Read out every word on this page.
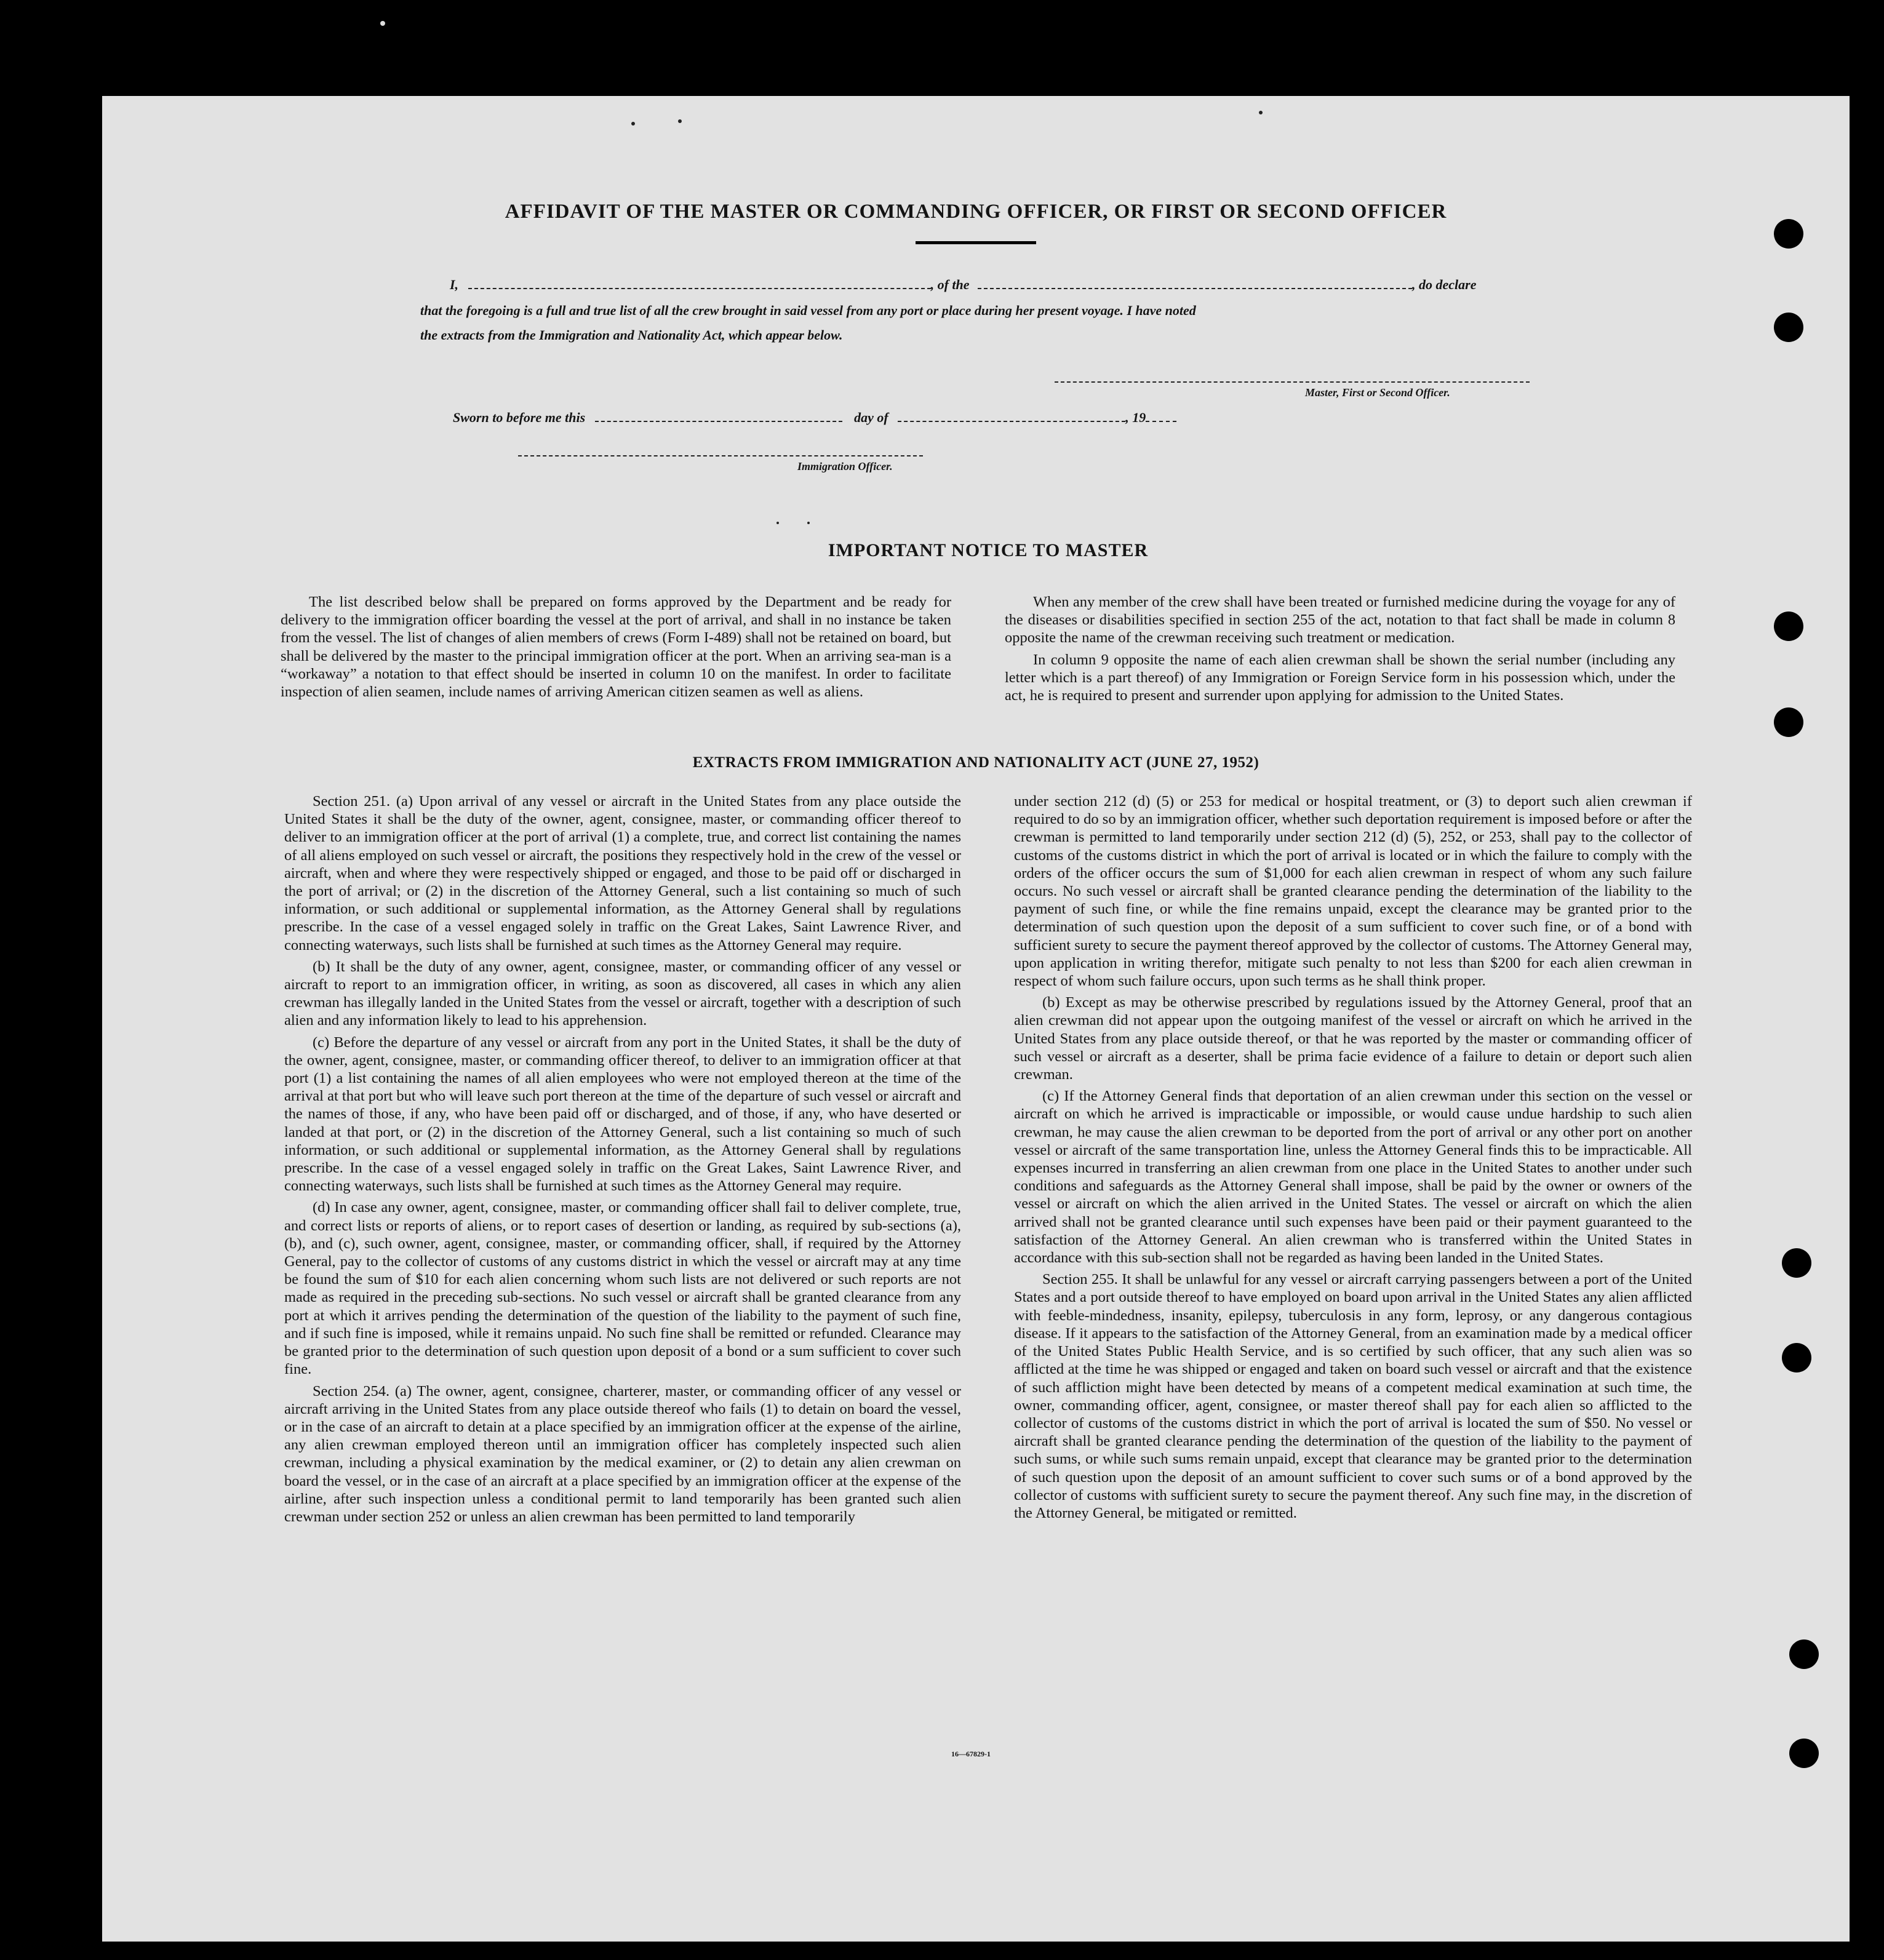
AFFIDAVIT OF THE MASTER OR COMMANDING OFFICER, OR FIRST OR SECOND OFFICER
I,	, of the	, do declare
that the foregoing is a full and true list of all the crew brought in said vessel from any port or place during her present voyage. I have noted
the extracts from the Immigration and Nationality Act, which appear below.
Master, First or Second Officer.
Sworn to before me this	day of	, 19
Immigration Officer.
IMPORTANT NOTICE TO MASTER

The list described below shall be prepared on forms approved by the Department and be ready for delivery to the immigration officer boarding the vessel at the port of arrival, and shall in no instance be taken from the vessel. The list of changes of alien members of crews (Form I-489) shall not be retained on board, but shall be delivered by the master to the principal immigration officer at the port. When an arriving sea-man is a “workaway” a notation to that effect should be inserted in column 10 on the manifest. In order to facilitate inspection of alien seamen, include names of arriving American citizen seamen as well as aliens.

When any member of the crew shall have been treated or furnished medicine during the voyage for any of the diseases or disabilities specified in section 255 of the act, notation to that fact shall be made in column 8 opposite the name of the crewman receiving such treatment or medication.

In column 9 opposite the name of each alien crewman shall be shown the serial number (including any letter which is a part thereof) of any Immigration or Foreign Service form in his possession which, under the act, he is required to present and surrender upon applying for admission to the United States.

EXTRACTS FROM IMMIGRATION AND NATIONALITY ACT (JUNE 27, 1952)

Section 251. (a) Upon arrival of any vessel or aircraft in the United States from any place outside the United States it shall be the duty of the owner, agent, consignee, master, or commanding officer thereof to deliver to an immigration officer at the port of arrival (1) a complete, true, and correct list containing the names of all aliens employed on such vessel or aircraft, the positions they respectively hold in the crew of the vessel or aircraft, when and where they were respectively shipped or engaged, and those to be paid off or discharged in the port of arrival; or (2) in the discretion of the Attorney General, such a list containing so much of such information, or such additional or supplemental information, as the Attorney General shall by regulations prescribe. In the case of a vessel engaged solely in traffic on the Great Lakes, Saint Lawrence River, and connecting waterways, such lists shall be furnished at such times as the Attorney General may require.

(b) It shall be the duty of any owner, agent, consignee, master, or commanding officer of any vessel or aircraft to report to an immigration officer, in writing, as soon as discovered, all cases in which any alien crewman has illegally landed in the United States from the vessel or aircraft, together with a description of such alien and any information likely to lead to his apprehension.

(c) Before the departure of any vessel or aircraft from any port in the United States, it shall be the duty of the owner, agent, consignee, master, or commanding officer thereof, to deliver to an immigration officer at that port (1) a list containing the names of all alien employees who were not employed thereon at the time of the arrival at that port but who will leave such port thereon at the time of the departure of such vessel or aircraft and the names of those, if any, who have been paid off or discharged, and of those, if any, who have deserted or landed at that port, or (2) in the discretion of the Attorney General, such a list containing so much of such information, or such additional or supplemental information, as the Attorney General shall by regulations prescribe. In the case of a vessel engaged solely in traffic on the Great Lakes, Saint Lawrence River, and connecting waterways, such lists shall be furnished at such times as the Attorney General may require.

(d) In case any owner, agent, consignee, master, or commanding officer shall fail to deliver complete, true, and correct lists or reports of aliens, or to report cases of desertion or landing, as required by sub-sections (a), (b), and (c), such owner, agent, consignee, master, or commanding officer, shall, if required by the Attorney General, pay to the collector of customs of any customs district in which the vessel or aircraft may at any time be found the sum of $10 for each alien concerning whom such lists are not delivered or such reports are not made as required in the preceding sub-sections. No such vessel or aircraft shall be granted clearance from any port at which it arrives pending the determination of the question of the liability to the payment of such fine, and if such fine is imposed, while it remains unpaid. No such fine shall be remitted or refunded. Clearance may be granted prior to the determination of such question upon deposit of a bond or a sum sufficient to cover such fine.

Section 254. (a) The owner, agent, consignee, charterer, master, or commanding officer of any vessel or aircraft arriving in the United States from any place outside thereof who fails (1) to detain on board the vessel, or in the case of an aircraft to detain at a place specified by an immigration officer at the expense of the airline, any alien crewman employed thereon until an immigration officer has completely inspected such alien crewman, including a physical examination by the medical examiner, or (2) to detain any alien crewman on board the vessel, or in the case of an aircraft at a place specified by an immigration officer at the expense of the airline, after such inspection unless a conditional permit to land temporarily has been granted such alien crewman under section 252 or unless an alien crewman has been permitted to land temporarily

under section 212 (d) (5) or 253 for medical or hospital treatment, or (3) to deport such alien crewman if required to do so by an immigration officer, whether such deportation requirement is imposed before or after the crewman is permitted to land temporarily under section 212 (d) (5), 252, or 253, shall pay to the collector of customs of the customs district in which the port of arrival is located or in which the failure to comply with the orders of the officer occurs the sum of $1,000 for each alien crewman in respect of whom any such failure occurs. No such vessel or aircraft shall be granted clearance pending the determination of the liability to the payment of such fine, or while the fine remains unpaid, except the clearance may be granted prior to the determination of such question upon the deposit of a sum sufficient to cover such fine, or of a bond with sufficient surety to secure the payment thereof approved by the collector of customs. The Attorney General may, upon application in writing therefor, mitigate such penalty to not less than $200 for each alien crewman in respect of whom such failure occurs, upon such terms as he shall think proper.

(b) Except as may be otherwise prescribed by regulations issued by the Attorney General, proof that an alien crewman did not appear upon the outgoing manifest of the vessel or aircraft on which he arrived in the United States from any place outside thereof, or that he was reported by the master or commanding officer of such vessel or aircraft as a deserter, shall be prima facie evidence of a failure to detain or deport such alien crewman.

(c) If the Attorney General finds that deportation of an alien crewman under this section on the vessel or aircraft on which he arrived is impracticable or impossible, or would cause undue hardship to such alien crewman, he may cause the alien crewman to be deported from the port of arrival or any other port on another vessel or aircraft of the same transportation line, unless the Attorney General finds this to be impracticable. All expenses incurred in transferring an alien crewman from one place in the United States to another under such conditions and safeguards as the Attorney General shall impose, shall be paid by the owner or owners of the vessel or aircraft on which the alien arrived in the United States. The vessel or aircraft on which the alien arrived shall not be granted clearance until such expenses have been paid or their payment guaranteed to the satisfaction of the Attorney General. An alien crewman who is transferred within the United States in accordance with this sub-section shall not be regarded as having been landed in the United States.

Section 255. It shall be unlawful for any vessel or aircraft carrying passengers between a port of the United States and a port outside thereof to have employed on board upon arrival in the United States any alien afflicted with feeble-mindedness, insanity, epilepsy, tuberculosis in any form, leprosy, or any dangerous contagious disease. If it appears to the satisfaction of the Attorney General, from an examination made by a medical officer of the United States Public Health Service, and is so certified by such officer, that any such alien was so afflicted at the time he was shipped or engaged and taken on board such vessel or aircraft and that the existence of such affliction might have been detected by means of a competent medical examination at such time, the owner, commanding officer, agent, consignee, or master thereof shall pay for each alien so afflicted to the collector of customs of the customs district in which the port of arrival is located the sum of $50. No vessel or aircraft shall be granted clearance pending the determination of the question of the liability to the payment of such sums, or while such sums remain unpaid, except that clearance may be granted prior to the determination of such question upon the deposit of an amount sufficient to cover such sums or of a bond approved by the collector of customs with sufficient surety to secure the payment thereof. Any such fine may, in the discretion of the Attorney General, be mitigated or remitted.

16—67829-1
